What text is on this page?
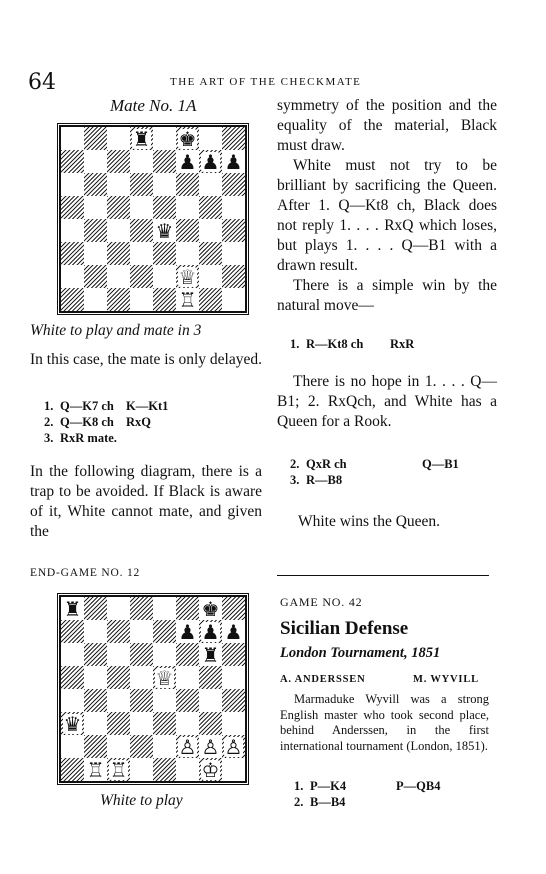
64	THE ART OF THE CHECKMATE
Mate No. 1A
♜ ♚
♟ ♟ ♟
♛
♕
♖
White to play and mate in 3
In this case, the mate is only delayed.
1.	Q—K7 ch	K—Kt1
2.	Q—K8 ch	RxQ
3.	RxR mate.	
In the following diagram, there is a trap to be avoided. If Black is aware of it, White cannot mate, and given the
END-GAME NO. 12
♜	♚
♟ ♟ ♟
♜
♕
♛
♙ ♙ ♙
♖ ♖	♔
White to play
symmetry of the position and the equality of the material, Black must draw.
White must not try to be brilliant by sacrificing the Queen. After 1. Q—Kt8 ch, Black does not reply 1. . . . RxQ which loses, but plays 1. . . . Q—B1 with a drawn result.
There is a simple win by the natural move—
1.	R—Kt8 ch	RxR
There is no hope in 1. . . . Q—B1; 2. RxQch, and White has a Queen for a Rook.
2.	QxR ch	Q—B1
3.	R—B8	
White wins the Queen.
GAME NO. 42
Sicilian Defense
London Tournament, 1851
A. ANDERSSEN	M. WYVILL
Marmaduke Wyvill was a strong English master who took second place, behind Anderssen, in the first international tournament (London, 1851).
1.	P—K4	P—QB4
2.	B—B4	
